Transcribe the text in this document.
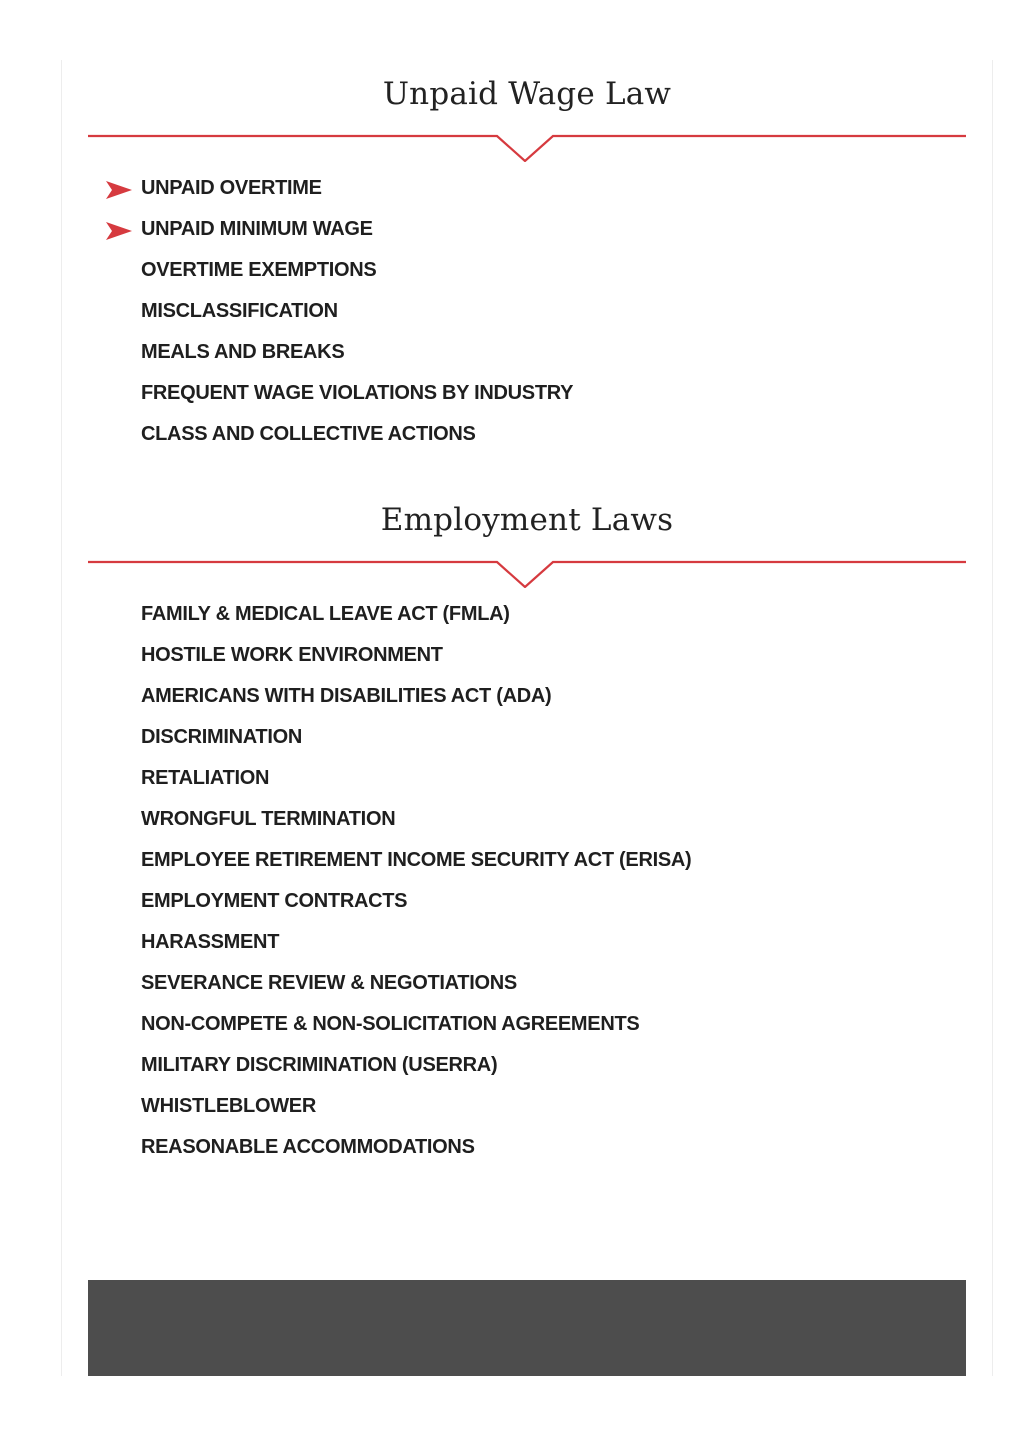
Unpaid Wage Law
UNPAID OVERTIME
UNPAID MINIMUM WAGE
OVERTIME EXEMPTIONS
MISCLASSIFICATION
MEALS AND BREAKS
FREQUENT WAGE VIOLATIONS BY INDUSTRY
CLASS AND COLLECTIVE ACTIONS
Employment Laws
FAMILY & MEDICAL LEAVE ACT (FMLA)
HOSTILE WORK ENVIRONMENT
AMERICANS WITH DISABILITIES ACT (ADA)
DISCRIMINATION
RETALIATION
WRONGFUL TERMINATION
EMPLOYEE RETIREMENT INCOME SECURITY ACT (ERISA)
EMPLOYMENT CONTRACTS
HARASSMENT
SEVERANCE REVIEW & NEGOTIATIONS
NON-COMPETE & NON-SOLICITATION AGREEMENTS
MILITARY DISCRIMINATION (USERRA)
WHISTLEBLOWER
REASONABLE ACCOMMODATIONS
